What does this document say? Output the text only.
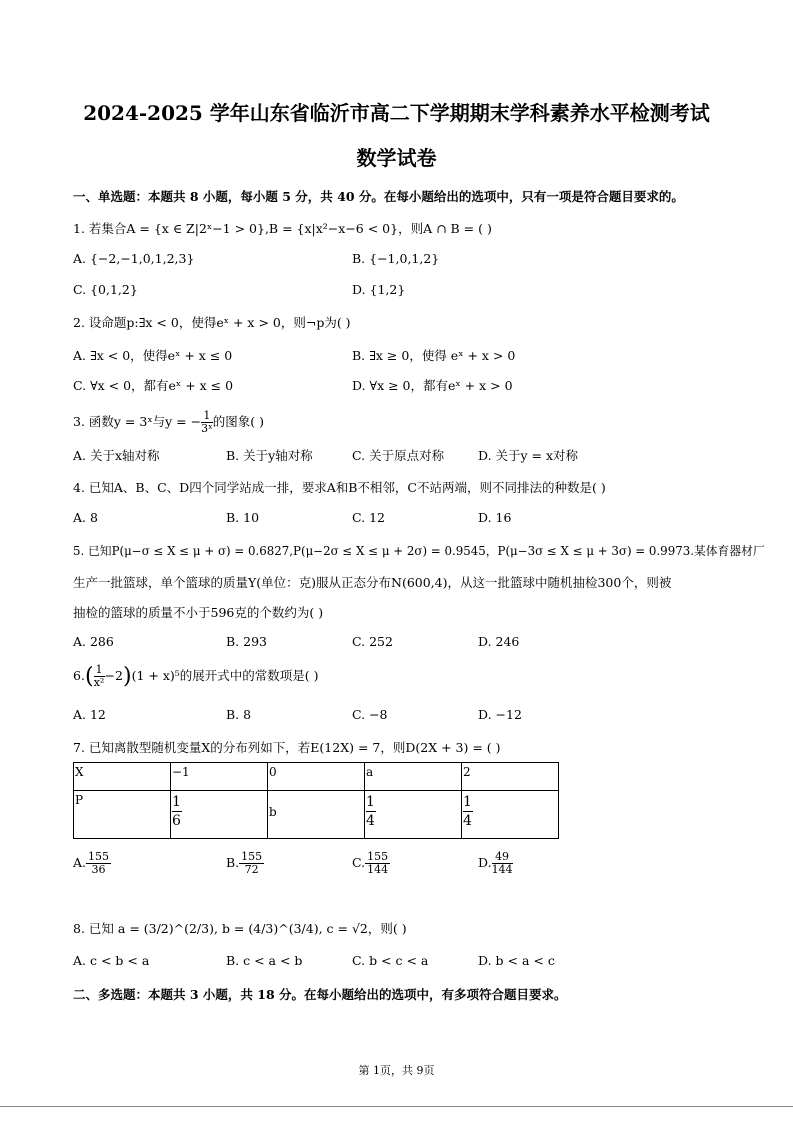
2024-2025 学年山东省临沂市高二下学期期末学科素养水平检测考试
数学试卷
一、单选题：本题共 8 小题，每小题 5 分，共 40 分。在每小题给出的选项中，只有一项是符合题目要求的。
1. 若集合A = {x ∈ Z|2ˣ−1 > 0},B = {x|x²−x−6 < 0}，则A ∩ B = ( )
A. {−2,−1,0,1,2,3}	B. {−1,0,1,2}
C. {0,1,2}	D. {1,2}
2. 设命题p:∃x < 0，使得eˣ + x > 0，则¬p为( )
A. ∃x < 0，使得eˣ + x ≤ 0	B. ∃x ≥ 0，使得 eˣ + x > 0
C. ∀x < 0，都有eˣ + x ≤ 0	D. ∀x ≥ 0，都有eˣ + x > 0
3. 函数y = 3ˣ与y = − $\frac{1}{\text{3ˣ}}$ 的图象( )
A. 关于x轴对称	B. 关于y轴对称	C. 关于原点对称	D. 关于y = x对称
4. 已知A、B、C、D四个同学站成一排，要求A和B不相邻，C不站两端，则不同排法的种数是( )
A. 8	B. 10	C. 12	D. 16
5. 已知P(μ−σ ≤ X ≤ μ + σ) = 0.6827,P(μ−2σ ≤ X ≤ μ + 2σ) = 0.9545，P(μ−3σ ≤ X ≤ μ + 3σ) = 0.9973.某体育器材厂
生产一批篮球，单个篮球的质量Y(单位：克)服从正态分布N(600,4)，从这一批篮球中随机抽检300个，则被
抽检的篮球的质量不小于596克的个数约为( )
A. 286	B. 293	C. 252	D. 246
$6.( \frac{1}{\text{x²}} -2)(1 + x)^5$的展开式中的常数项是( )
A. 12	B. 8	C. −8	D. −12
7. 已知离散型随机变量X的分布列如下，若E(12X) = 7，则D(2X + 3) = ( )
X	−1	0	a	2
P	$\frac{1}{6}$	b	$\frac{1}{4}$	$\frac{1}{4}$
A. $\frac{155}{36}$	B. $\frac{155}{72}$	C. $\frac{155}{144}$	D. $\frac{49}{144}$
8. 已知 a = (3/2)^(2/3), b = (4/3)^(3/4), c = √2，则( )
A. c < b < a	B. c < a < b	C. b < c < a	D. b < a < c
二、多选题：本题共 3 小题，共 18 分。在每小题给出的选项中，有多项符合题目要求。
第 1页，共 9页
